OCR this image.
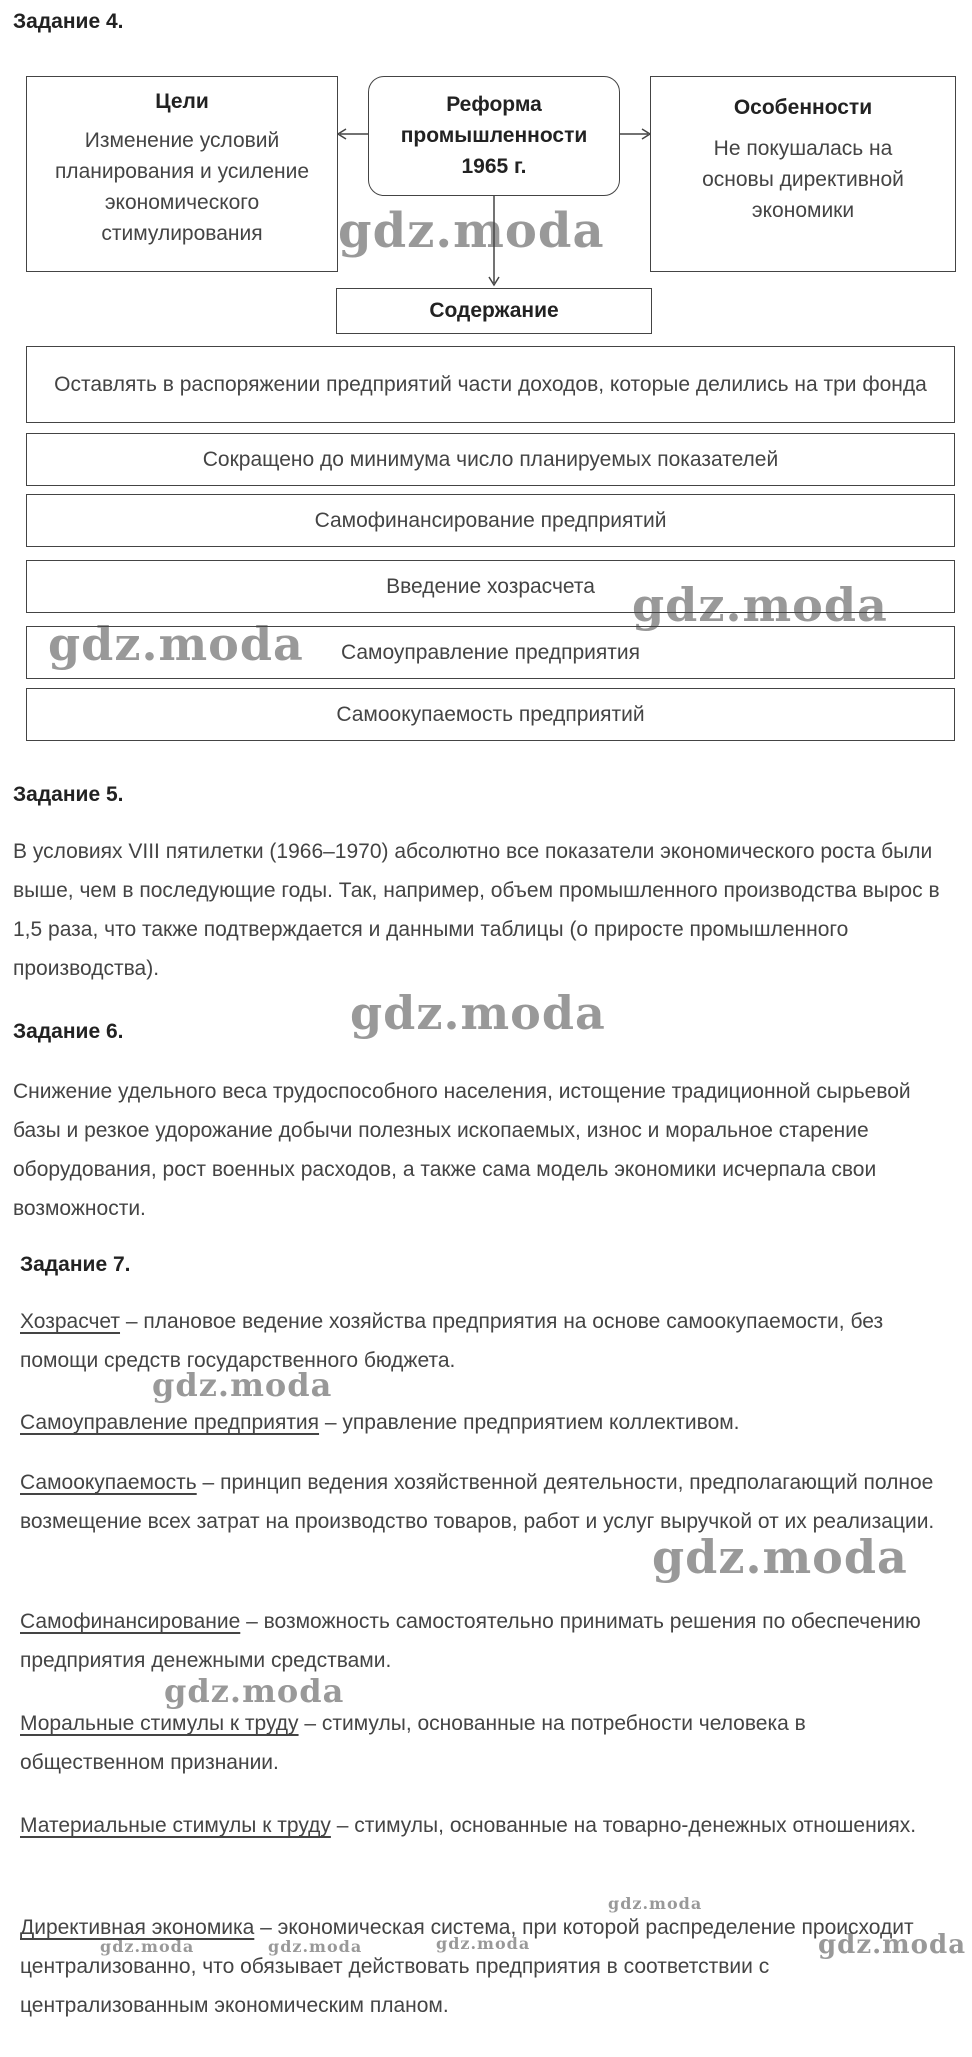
Задание 4.
Цели
Изменение условий планирования и усиление экономического стимулирования
Реформа
промышленности
1965 г.
Особенности
Не покушалась на основы директивной экономики
Содержание
Оставлять в распоряжении предприятий части доходов, которые делились на три фонда
Сокращено до минимума число планируемых показателей
Самофинансирование предприятий
Введение хозрасчета
Самоуправление предприятия
Самоокупаемость предприятий
Задание 5.
В условиях VIII пятилетки (1966–1970) абсолютно все показатели экономического роста были выше, чем в последующие годы. Так, например, объем промышленного производства вырос в 1,5 раза, что также подтверждается и данными таблицы (о приросте промышленного производства).
Задание 6.
Снижение удельного веса трудоспособного населения, истощение традиционной сырьевой базы и резкое удорожание добычи полезных ископаемых, износ и моральное старение оборудования, рост военных расходов, а также сама модель экономики исчерпала свои возможности.
Задание 7.
Хозрасчет – плановое ведение хозяйства предприятия на основе самоокупаемости, без помощи средств государственного бюджета.
Самоуправление предприятия – управление предприятием коллективом.
Самоокупаемость – принцип ведения хозяйственной деятельности, предполагающий полное возмещение всех затрат на производство товаров, работ и услуг выручкой от их реализации.
Самофинансирование – возможность самостоятельно принимать решения по обеспечению предприятия денежными средствами.
Моральные стимулы к труду – стимулы, основанные на потребности человека в общественном признании.
Материальные стимулы к труду – стимулы, основанные на товарно-денежных отношениях.
Директивная экономика – экономическая система, при которой распределение происходит централизованно, что обязывает действовать предприятия в соответствии с централизованным экономическим планом.
gdz.moda
gdz.moda
gdz.moda
gdz.moda
gdz.moda
gdz.moda
gdz.moda
gdz.moda
gdz.moda	gdz.moda	gdz.moda	gdz.moda
